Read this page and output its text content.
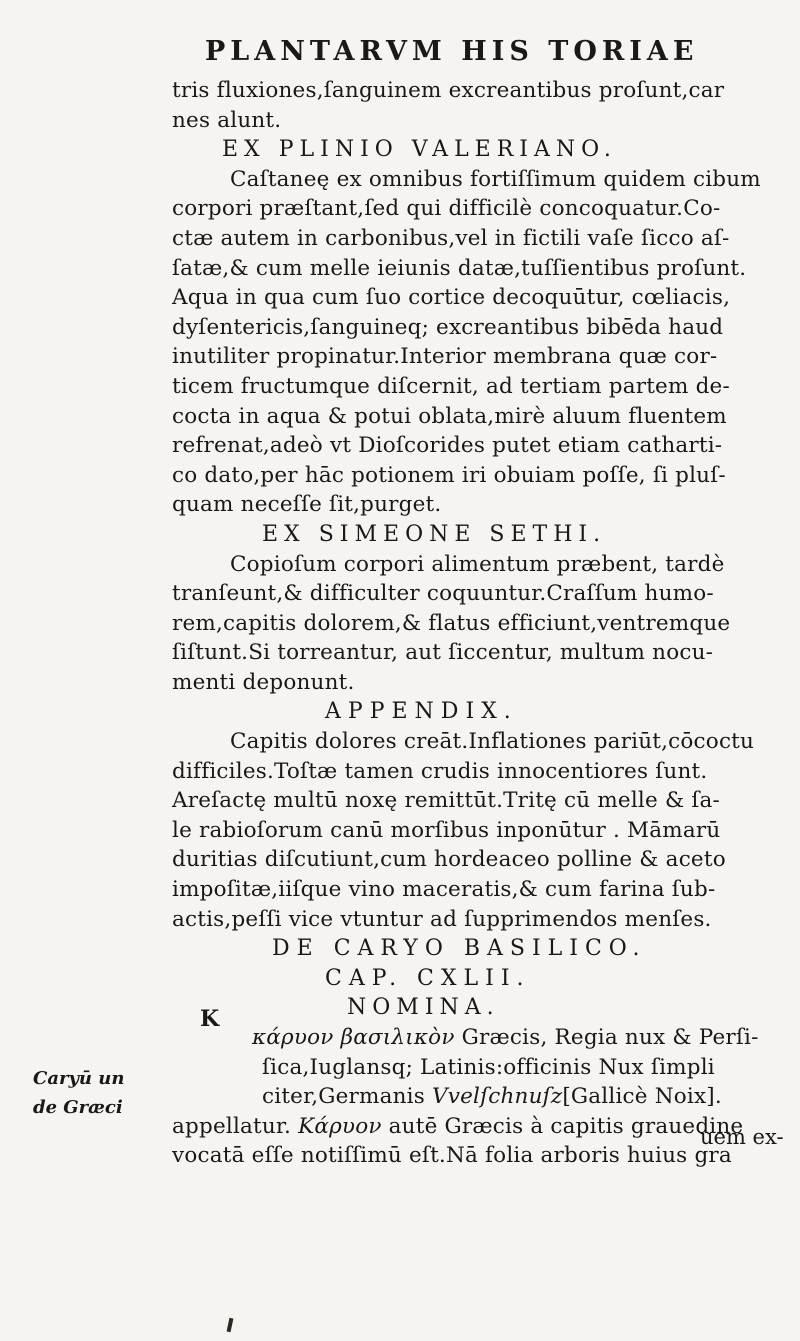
PLANTARVM HIS TORIAE
tris fluxiones,ſanguinem excreantibus proſunt,car
nes alunt.
EX PLINIO VALERIANO.
Caſtaneę ex omnibus fortiſſimum quidem cibum
corpori præſtant,ſed qui difficilè concoquatur.Co-
ctæ autem in carbonibus,vel in fictili vaſe ſicco aſ-
ſatæ,& cum melle ieiunis datæ,tuſſientibus proſunt.
Aqua in qua cum ſuo cortice decoquūtur, cœliacis,
dyſentericis,ſanguineq; excreantibus bibēda haud
inutiliter propinatur.Interior membrana quæ cor-
ticem fructumque diſcernit, ad tertiam partem de-
cocta in aqua & potui oblata,mirè aluum fluentem
refrenat,adeò vt Dioſcorides putet etiam catharti-
co dato,per hāc potionem iri obuiam poſſe, ſi pluſ-
quam neceſſe ſit,purget.
EX SIMEONE SETHI.
Copioſum corpori alimentum præbent, tardè
tranſeunt,& difficulter coquuntur.Craſſum humo-
rem,capitis dolorem,& flatus efficiunt,ventremque
ſiſtunt.Si torreantur, aut ſiccentur, multum nocu-
menti deponunt.
APPENDIX.
Capitis dolores creāt.Inflationes pariūt,cōcoctu
difficiles.Toſtæ tamen crudis innocentiores ſunt.
Areſactę multū noxę remittūt.Tritę cū melle & ſa-
le rabioſorum canū morſibus inponūtur . Māmarū
duritias diſcutiunt,cum hordeaceo polline & aceto
impoſitæ,iiſque vino maceratis,& cum farina ſub-
actis,peſſi vice vtuntur ad ſupprimendos menſes.
DE CARYO BASILICO.
CAP. CXLII.
NOMINA.
κάρυον βασιλικὸν Græcis, Regia nux & Perſi-
ſica,Iuglansq; Latinis:officinis Nux ſimpli
citer,Germanis Vvelſchnuſz[Gallicè Noix].
appellatur. Κάρυον autē Græcis à capitis grauedine
vocatā eſſe notiſſimū eſt.Nā folia arboris huius gra
K
Caryū un
de Græci
uem ex-
